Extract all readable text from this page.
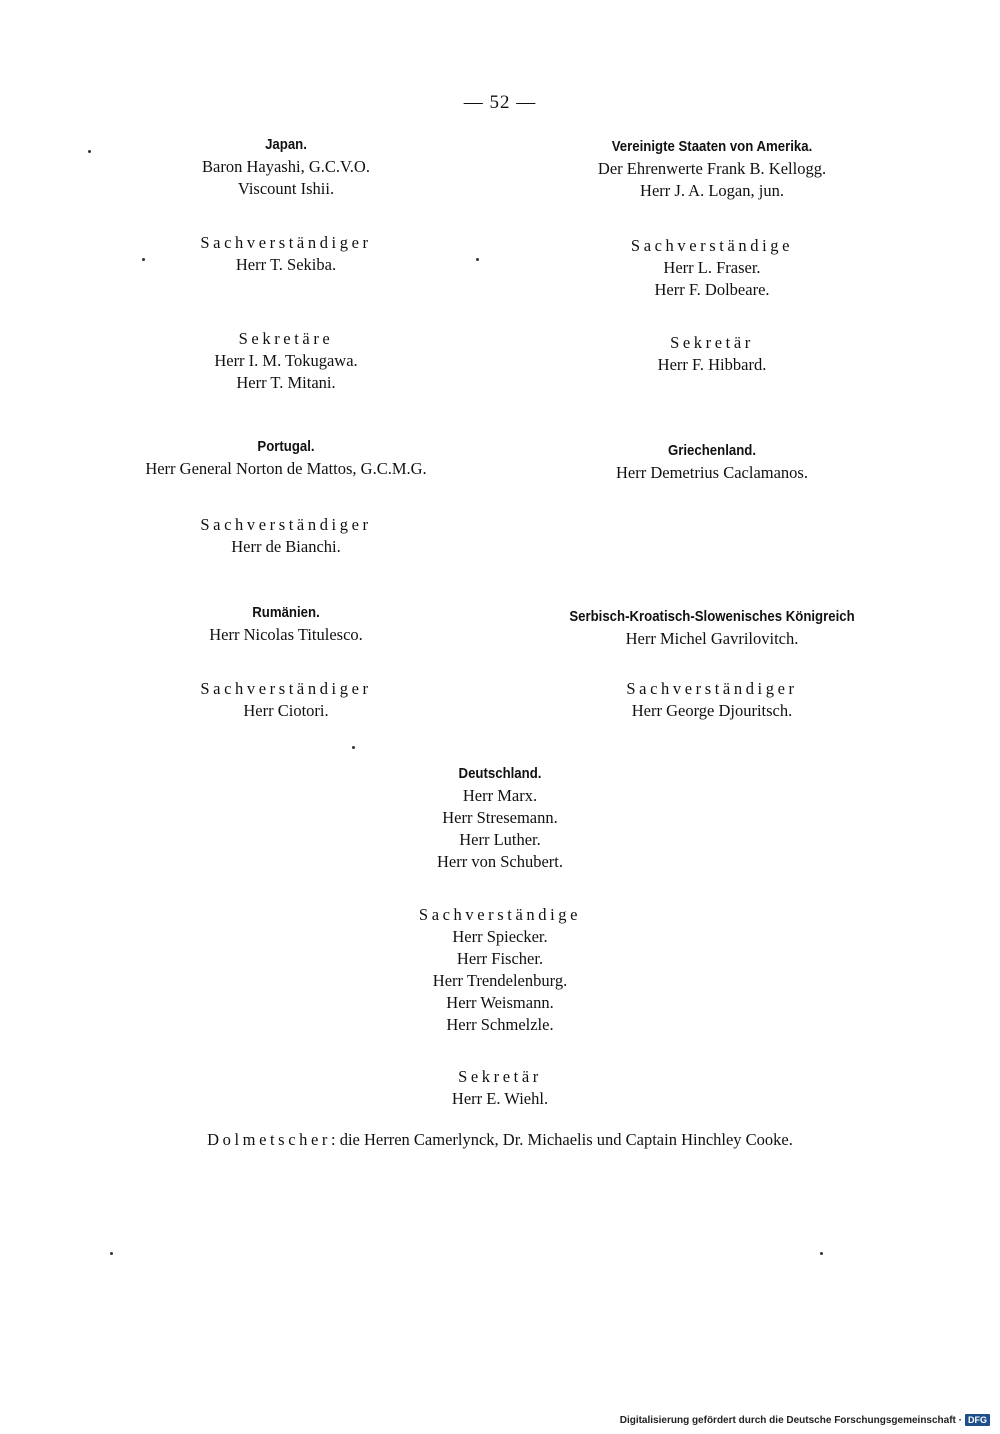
— 52 —
Japan.
Baron Hayashi, G.C.V.O.
Viscount Ishii.
Sachverständiger
Herr T. Sekiba.
Sekretäre
Herr I. M. Tokugawa.
Herr T. Mitani.
Vereinigte Staaten von Amerika.
Der Ehrenwerte Frank B. Kellogg.
Herr J. A. Logan, jun.
Sachverständige
Herr L. Fraser.
Herr F. Dolbeare.
Sekretär
Herr F. Hibbard.
Portugal.
Herr General Norton de Mattos, G.C.M.G.
Sachverständiger
Herr de Bianchi.
Griechenland.
Herr Demetrius Caclamanos.
Rumänien.
Herr Nicolas Titulesco.
Sachverständiger
Herr Ciotori.
Serbisch-Kroatisch-Slowenisches Königreich
Herr Michel Gavrilovitch.
Sachverständiger
Herr George Djouritsch.
Deutschland.
Herr Marx.
Herr Stresemann.
Herr Luther.
Herr von Schubert.
Sachverständige
Herr Spiecker.
Herr Fischer.
Herr Trendelenburg.
Herr Weismann.
Herr Schmelzle.
Sekretär
Herr E. Wiehl.
Dolmetscher: die Herren Camerlynck, Dr. Michaelis und Captain Hinchley Cooke.
Digitalisierung gefördert durch die Deutsche Forschungsgemeinschaft · DFG
